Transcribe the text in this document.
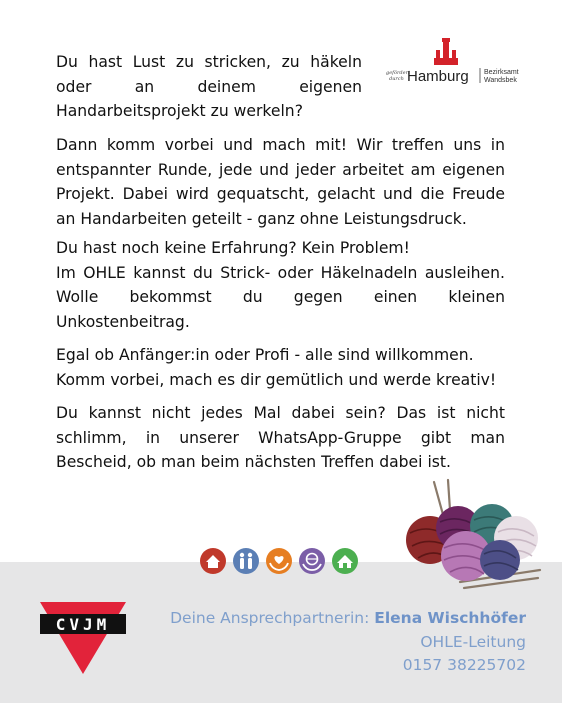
gefördert
durch Hamburg Bezirksamt
Wandsbek
Du hast Lust zu stricken, zu häkeln
oder an deinem eigenen
Handarbeitsprojekt zu werkeln?
Dann komm vorbei und mach mit! Wir treffen uns in
entspannter Runde, jede und jeder arbeitet am eigenen
Projekt. Dabei wird gequatscht, gelacht und die Freude
an Handarbeiten geteilt - ganz ohne Leistungsdruck.
Du hast noch keine Erfahrung? Kein Problem!
Im OHLE kannst du Strick- oder Häkelnadeln ausleihen.
Wolle bekommst du gegen einen kleinen
Unkostenbeitrag.
Egal ob Anfänger:in oder Profi - alle sind willkommen.
Komm vorbei, mach es dir gemütlich und werde kreativ!
Du kannst nicht jedes Mal dabei sein? Das ist nicht
schlimm, in unserer WhatsApp-Gruppe gibt man
Bescheid, ob man beim nächsten Treffen dabei ist.
CVJM	Deine Ansprechpartnerin: Elena Wischhöfer
OHLE-Leitung
0157 38225702
